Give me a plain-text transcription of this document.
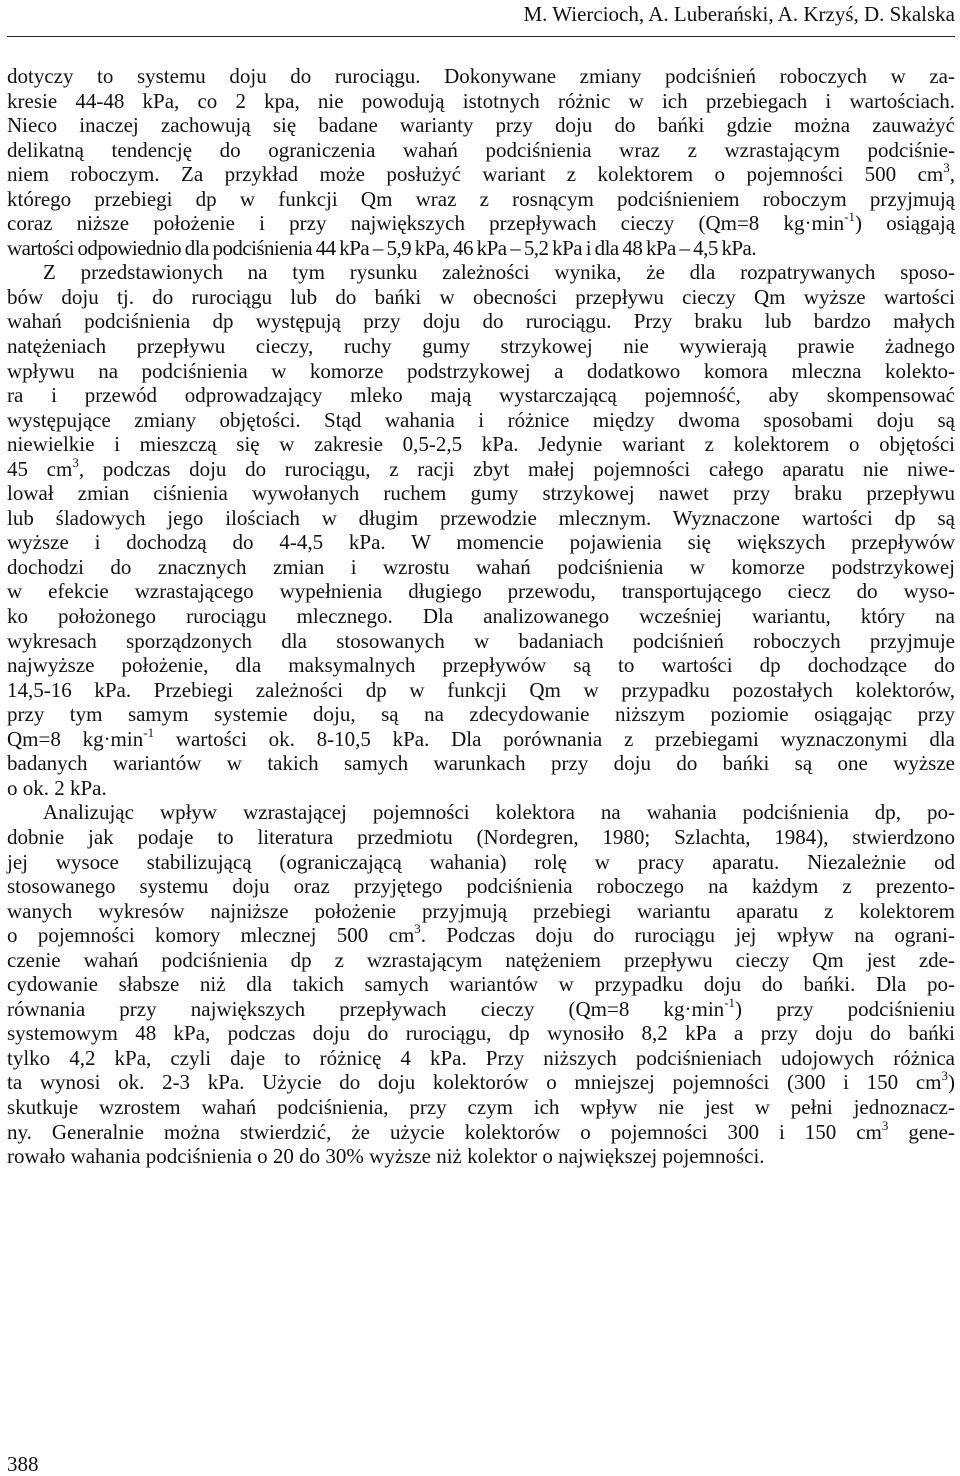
M. Wiercioch, A. Luberański, A. Krzyś, D. Skalska
dotyczy to systemu doju do rurociągu. Dokonywane zmiany podciśnień roboczych w za-
kresie 44-48 kPa, co 2 kpa, nie powodują istotnych różnic w ich przebiegach i wartościach.
Nieco inaczej zachowują się badane warianty przy doju do bańki gdzie można zauważyć
delikatną tendencję do ograniczenia wahań podciśnienia wraz z wzrastającym podciśnie-
niem roboczym. Za przykład może posłużyć wariant z kolektorem o pojemności 500 $cm^3$,
którego przebiegi dp w funkcji Qm wraz z rosnącym podciśnieniem roboczym przyjmują
coraz niższe położenie i przy największych przepływach cieczy (Qm=8 $kg\cdot\min^{-1}$) osiągają
wartości odpowiednio dla podciśnienia 44 kPa – 5,9 kPa, 46 kPa – 5,2 kPa i dla 48 kPa – 4,5 kPa.
Z przedstawionych na tym rysunku zależności wynika, że dla rozpatrywanych sposo-
bów doju tj. do rurociągu lub do bańki w obecności przepływu cieczy Qm wyższe wartości
wahań podciśnienia dp występują przy doju do rurociągu. Przy braku lub bardzo małych
natężeniach przepływu cieczy, ruchy gumy strzykowej nie wywierają prawie żadnego
wpływu na podciśnienia w komorze podstrzykowej a dodatkowo komora mleczna kolekto-
ra i przewód odprowadzający mleko mają wystarczającą pojemność, aby skompensować
występujące zmiany objętości. Stąd wahania i różnice między dwoma sposobami doju są
niewielkie i mieszczą się w zakresie 0,5-2,5 kPa. Jedynie wariant z kolektorem o objętości
45 $cm^3$, podczas doju do rurociągu, z racji zbyt małej pojemności całego aparatu nie niwe-
lował zmian ciśnienia wywołanych ruchem gumy strzykowej nawet przy braku przepływu
lub śladowych jego ilościach w długim przewodzie mlecznym. Wyznaczone wartości dp są
wyższe i dochodzą do 4-4,5 kPa. W momencie pojawienia się większych przepływów
dochodzi do znacznych zmian i wzrostu wahań podciśnienia w komorze podstrzykowej
w efekcie wzrastającego wypełnienia długiego przewodu, transportującego ciecz do wyso-
ko położonego rurociągu mlecznego. Dla analizowanego wcześniej wariantu, który na
wykresach sporządzonych dla stosowanych w badaniach podciśnień roboczych przyjmuje
najwyższe położenie, dla maksymalnych przepływów są to wartości dp dochodzące do
14,5-16 kPa. Przebiegi zależności dp w funkcji Qm w przypadku pozostałych kolektorów,
przy tym samym systemie doju, są na zdecydowanie niższym poziomie osiągając przy
Qm=8 $kg\cdot\min^{-1}$ wartości ok. 8-10,5 kPa. Dla porównania z przebiegami wyznaczonymi dla
badanych wariantów w takich samych warunkach przy doju do bańki są one wyższe
o ok. 2 kPa.
Analizując wpływ wzrastającej pojemności kolektora na wahania podciśnienia dp, po-
dobnie jak podaje to literatura przedmiotu (Nordegren, 1980; Szlachta, 1984), stwierdzono
jej wysoce stabilizującą (ograniczającą wahania) rolę w pracy aparatu. Niezależnie od
stosowanego systemu doju oraz przyjętego podciśnienia roboczego na każdym z prezento-
wanych wykresów najniższe położenie przyjmują przebiegi wariantu aparatu z kolektorem
o pojemności komory mlecznej 500 $cm^3$. Podczas doju do rurociągu jej wpływ na ograni-
czenie wahań podciśnienia dp z wzrastającym natężeniem przepływu cieczy Qm jest zde-
cydowanie słabsze niż dla takich samych wariantów w przypadku doju do bańki. Dla po-
równania przy największych przepływach cieczy (Qm=8 $kg\cdot\min^{-1}$) przy podciśnieniu
systemowym 48 kPa, podczas doju do rurociągu, dp wynosiło 8,2 kPa a przy doju do bańki
tylko 4,2 kPa, czyli daje to różnicę 4 kPa. Przy niższych podciśnieniach udojowych różnica
ta wynosi ok. 2-3 kPa. Użycie do doju kolektorów o mniejszej pojemności (300 i 150 $cm^3$)
skutkuje wzrostem wahań podciśnienia, przy czym ich wpływ nie jest w pełni jednoznacz-
ny. Generalnie można stwierdzić, że użycie kolektorów o pojemności 300 i 150 $cm^3$ gene-
rowało wahania podciśnienia o 20 do 30% wyższe niż kolektor o największej pojemności.
388
